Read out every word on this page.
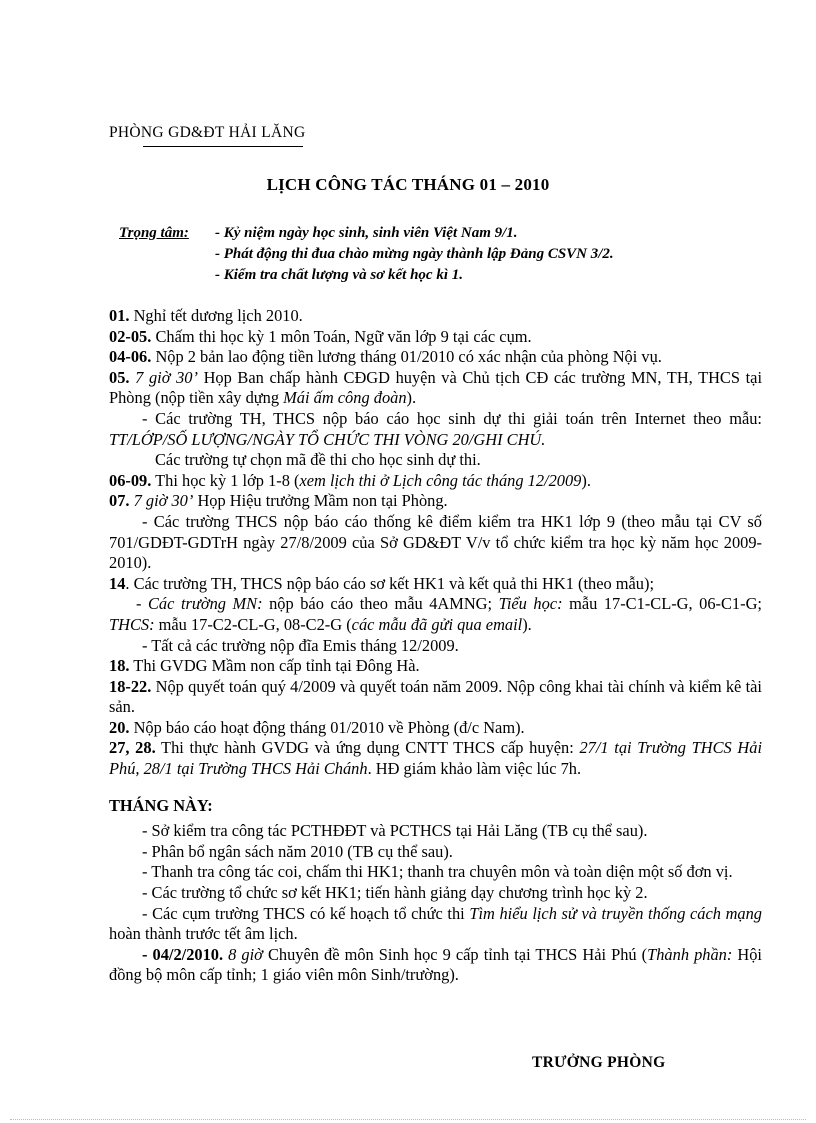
PHÒNG GD&ĐT HẢI LĂNG
LỊCH CÔNG TÁC THÁNG 01 – 2010
Trọng tâm: - Kỷ niệm ngày học sinh, sinh viên Việt Nam 9/1.
- Phát động thi đua chào mừng ngày thành lập Đảng CSVN 3/2.
- Kiểm tra chất lượng và sơ kết học kì 1.

01. Nghỉ tết dương lịch 2010.

02-05. Chấm thi học kỳ 1 môn Toán, Ngữ văn lớp 9 tại các cụm.

04-06. Nộp 2 bản lao động tiền lương tháng 01/2010 có xác nhận của phòng Nội vụ.

05. 7 giờ 30’ Họp Ban chấp hành CĐGD huyện và Chủ tịch CĐ các trường MN, TH, THCS tại Phòng (nộp tiền xây dựng Mái ấm công đoàn).

- Các trường TH, THCS nộp báo cáo học sinh dự thi giải toán trên Internet theo mẫu: TT/LỚP/SỐ LƯỢNG/NGÀY TỔ CHỨC THI VÒNG 20/GHI CHÚ.

Các trường tự chọn mã đề thi cho học sinh dự thi.

06-09. Thi học kỳ 1 lớp 1-8 (xem lịch thi ở Lịch công tác tháng 12/2009).

07. 7 giờ 30’ Họp Hiệu trưởng Mầm non tại Phòng.

- Các trường THCS nộp báo cáo thống kê điểm kiểm tra HK1 lớp 9 (theo mẫu tại CV số 701/GDĐT-GDTrH ngày 27/8/2009 của Sở GD&ĐT V/v tổ chức kiểm tra học kỳ năm học 2009-2010).

14. Các trường TH, THCS nộp báo cáo sơ kết HK1 và kết quả thi HK1 (theo mẫu);

- Các trường MN: nộp báo cáo theo mẫu 4AMNG; Tiểu học: mẫu 17-C1-CL-G, 06-C1-G; THCS: mẫu 17-C2-CL-G, 08-C2-G (các mẫu đã gửi qua email).

- Tất cả các trường nộp đĩa Emis tháng 12/2009.

18. Thi GVDG Mầm non cấp tỉnh tại Đông Hà.

18-22. Nộp quyết toán quý 4/2009 và quyết toán năm 2009. Nộp công khai tài chính và kiểm kê tài sản.

20. Nộp báo cáo hoạt động tháng 01/2010 về Phòng (đ/c Nam).

27, 28. Thi thực hành GVDG và ứng dụng CNTT THCS cấp huyện: 27/1 tại Trường THCS Hải Phú, 28/1 tại Trường THCS Hải Chánh. HĐ giám khảo làm việc lúc 7h.

THÁNG NÀY:

- Sở kiểm tra công tác PCTHĐĐT và PCTHCS tại Hải Lăng (TB cụ thể sau).

- Phân bổ ngân sách năm 2010 (TB cụ thể sau).

- Thanh tra công tác coi, chấm thi HK1; thanh tra chuyên môn và toàn diện một số đơn vị.

- Các trường tổ chức sơ kết HK1; tiến hành giảng dạy chương trình học kỳ 2.

- Các cụm trường THCS có kế hoạch tổ chức thi Tìm hiểu lịch sử và truyền thống cách mạng hoàn thành trước tết âm lịch.

- 04/2/2010. 8 giờ Chuyên đề môn Sinh học 9 cấp tỉnh tại THCS Hải Phú (Thành phần: Hội đồng bộ môn cấp tỉnh; 1 giáo viên môn Sinh/trường).

TRƯỞNG PHÒNG
